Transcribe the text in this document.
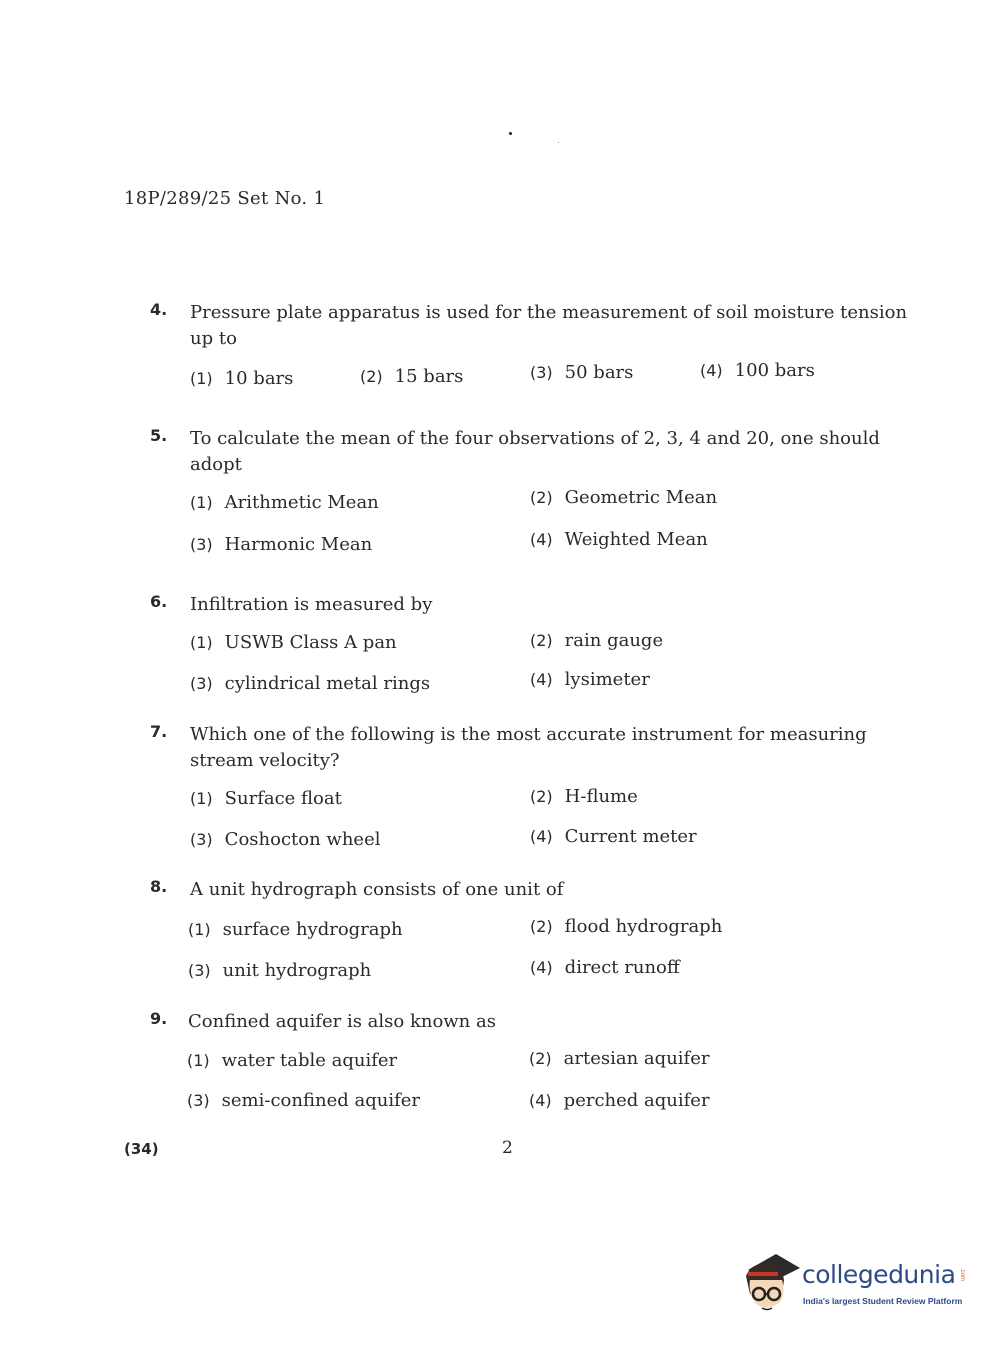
18P/289/25 Set No. 1
4. Pressure plate apparatus is used for the measurement of soil moisture tension
up to
(1) 10 bars	(2) 15 bars	(3) 50 bars	(4) 100 bars
5. To calculate the mean of the four observations of 2, 3, 4 and 20, one should
adopt
(1) Arithmetic Mean	(2) Geometric Mean
(3) Harmonic Mean	(4) Weighted Mean
6. Infiltration is measured by
(1) USWB Class A pan	(2) rain gauge
(3) cylindrical metal rings	(4) lysimeter
7. Which one of the following is the most accurate instrument for measuring
stream velocity?
(1) Surface float	(2) H-flume
(3) Coshocton wheel	(4) Current meter
8. A unit hydrograph consists of one unit of
(1) surface hydrograph	(2) flood hydrograph
(3) unit hydrograph	(4) direct runoff
9. Confined aquifer is also known as
(1) water table aquifer	(2) artesian aquifer
(3) semi-confined aquifer	(4) perched aquifer
(34)	2
collegedunia .com
India's largest Student Review Platform
